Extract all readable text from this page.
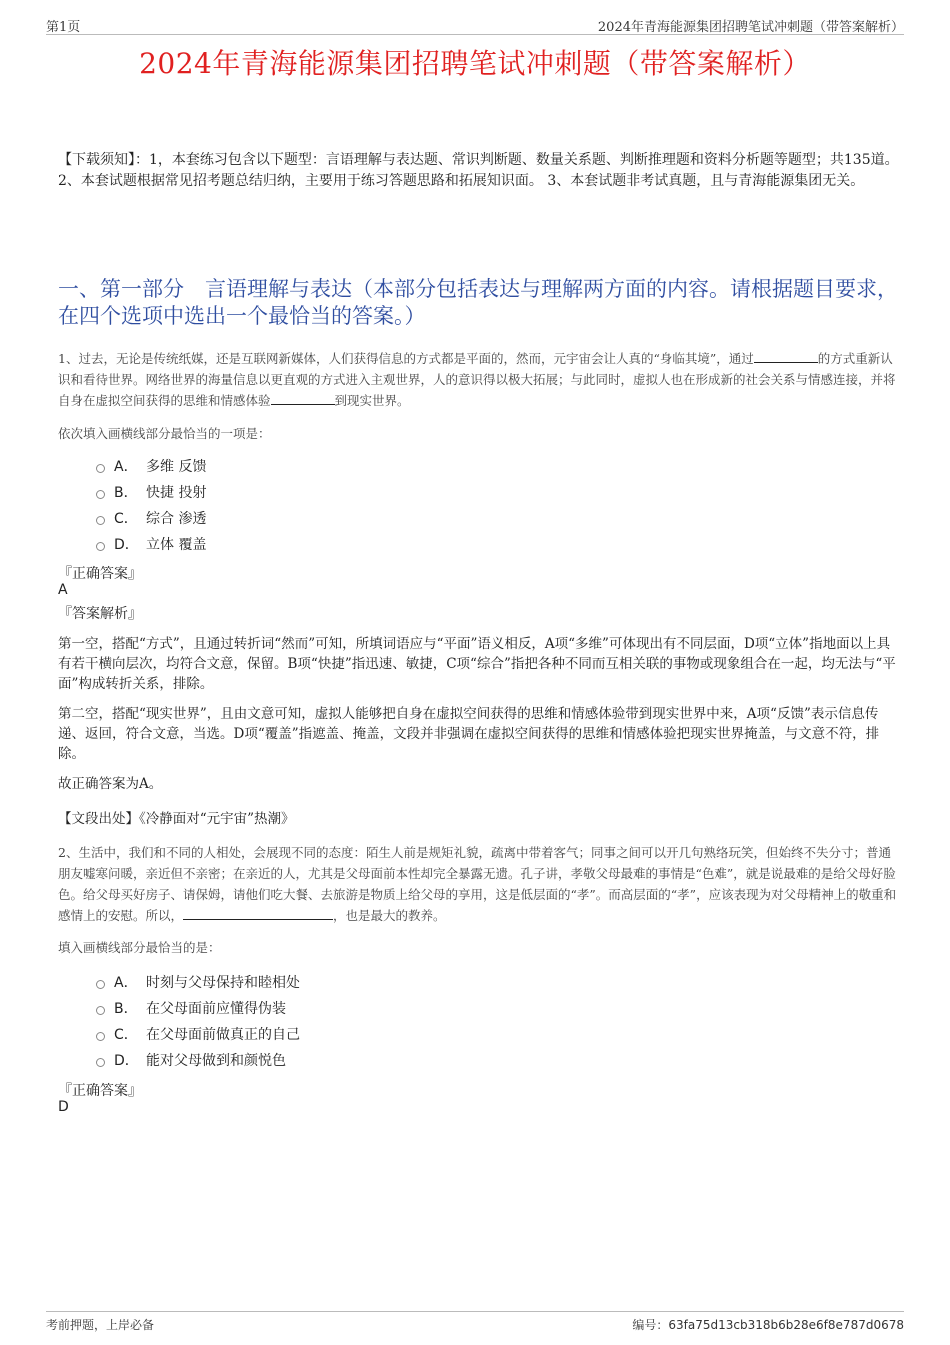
第1页	2024年青海能源集团招聘笔试冲刺题（带答案解析）
2024年青海能源集团招聘笔试冲刺题（带答案解析）

【下载须知】：1，本套练习包含以下题型：言语理解与表达题、常识判断题、数量关系题、判断推理题和资料分析题等题型；共135道。 2、本套试题根据常见招考题总结归纳，主要用于练习答题思路和拓展知识面。 3、本套试题非考试真题，且与青海能源集团无关。

一、第一部分　言语理解与表达（本部分包括表达与理解两方面的内容。请根据题目要求，在四个选项中选出一个最恰当的答案。）

1、过去，无论是传统纸媒，还是互联网新媒体，人们获得信息的方式都是平面的，然而，元宇宙会让人真的“身临其境”，通过	的方式重新认识和看待世界。网络世界的海量信息以更直观的方式进入主观世界，人的意识得以极大拓展；与此同时，虚拟人也在形成新的社会关系与情感连接，并将自身在虚拟空间获得的思维和情感体验	到现实世界。

依次填入画横线部分最恰当的一项是：

A． 多维 反馈
B． 快捷 投射
C． 综合 渗透
D． 立体 覆盖

『正确答案』

A

『答案解析』

第一空，搭配“方式”，且通过转折词“然而”可知，所填词语应与“平面”语义相反，A项“多维”可体现出有不同层面，D项“立体”指地面以上具有若干横向层次，均符合文意，保留。B项“快捷”指迅速、敏捷，C项“综合”指把各种不同而互相关联的事物或现象组合在一起，均无法与“平面”构成转折关系，排除。

第二空，搭配“现实世界”，且由文意可知，虚拟人能够把自身在虚拟空间获得的思维和情感体验带到现实世界中来，A项“反馈”表示信息传递、返回，符合文意，当选。D项“覆盖”指遮盖、掩盖，文段并非强调在虚拟空间获得的思维和情感体验把现实世界掩盖，与文意不符，排除。

故正确答案为A。

【文段出处】《冷静面对“元宇宙”热潮》

2、生活中，我们和不同的人相处，会展现不同的态度：陌生人前是规矩礼貌，疏离中带着客气；同事之间可以开几句熟络玩笑，但始终不失分寸；普通朋友嘘寒问暖，亲近但不亲密；在亲近的人，尤其是父母面前本性却完全暴露无遗。孔子讲，孝敬父母最难的事情是“色难”，就是说最难的是给父母好脸色。给父母买好房子、请保姆，请他们吃大餐、去旅游是物质上给父母的享用，这是低层面的“孝”。而高层面的“孝”，应该表现为对父母精神上的敬重和感情上的安慰。所以，	，也是最大的教养。

填入画横线部分最恰当的是：

A． 时刻与父母保持和睦相处
B． 在父母面前应懂得伪装
C． 在父母面前做真正的自己
D． 能对父母做到和颜悦色

『正确答案』

D

考前押题，上岸必备	编号：63fa75d13cb318b6b28e6f8e787d0678
